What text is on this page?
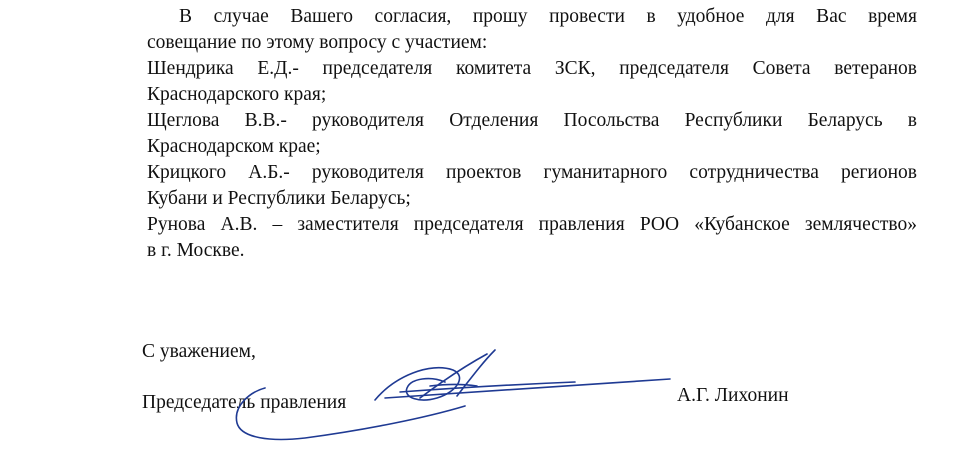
В случае Вашего согласия, прошу провести в удобное для Вас время
совещание по этому вопросу с участием:
Шендрика Е.Д.- председателя комитета ЗСК, председателя Совета ветеранов
Краснодарского края;
Щеглова В.В.- руководителя Отделения Посольства Республики Беларусь в
Краснодарском крае;
Крицкого А.Б.- руководителя проектов гуманитарного сотрудничества регионов
Кубани и Республики Беларусь;
Рунова А.В. – заместителя председателя правления РОО «Кубанское землячество»
в г. Москве.
С уважением,
Председатель правления	А.Г. Лихонин
